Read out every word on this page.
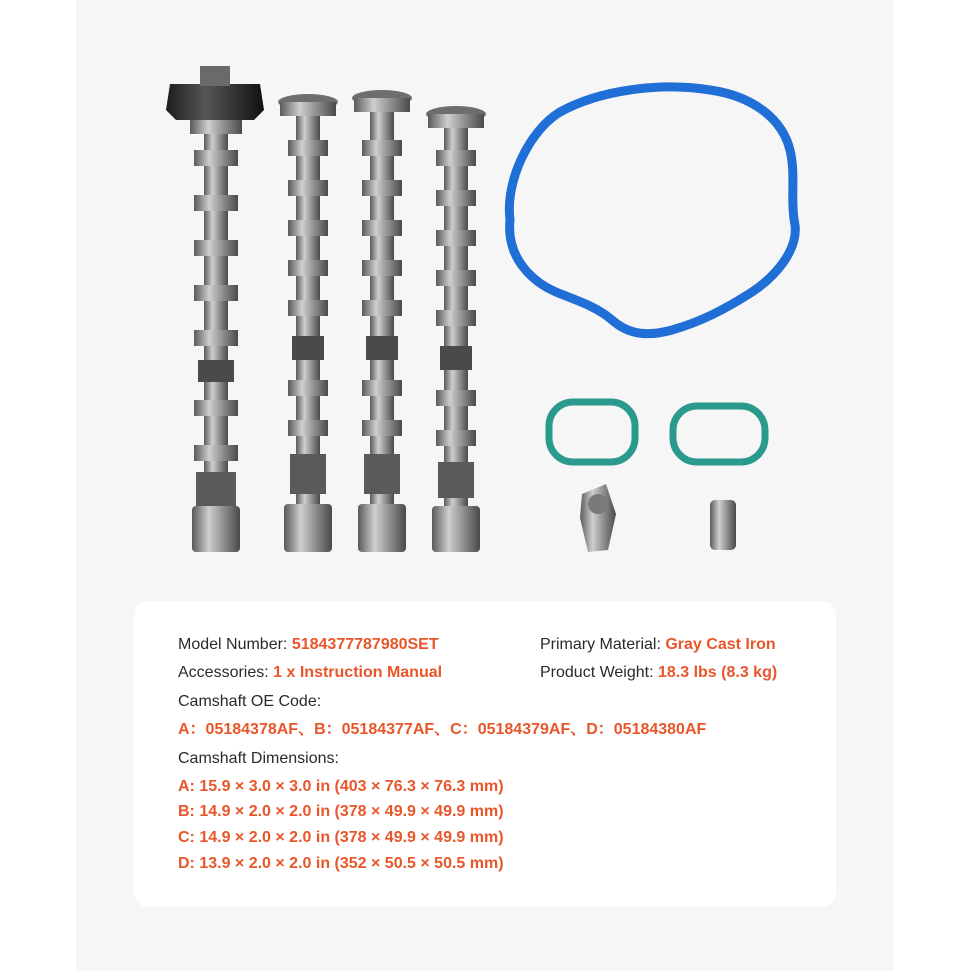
Model Number: 5184377787980SET	Primary Material: Gray Cast Iron
Accessories: 1 x Instruction Manual	Product Weight: 18.3 lbs (8.3 kg)
Camshaft OE Code:
A：05184378AF、B：05184377AF、C：05184379AF、D：05184380AF
Camshaft Dimensions:
A: 15.9 × 3.0 × 3.0 in (403 × 76.3 × 76.3 mm)
B: 14.9 × 2.0 × 2.0 in (378 × 49.9 × 49.9 mm)
C: 14.9 × 2.0 × 2.0 in (378 × 49.9 × 49.9 mm)
D: 13.9 × 2.0 × 2.0 in (352 × 50.5 × 50.5 mm)
